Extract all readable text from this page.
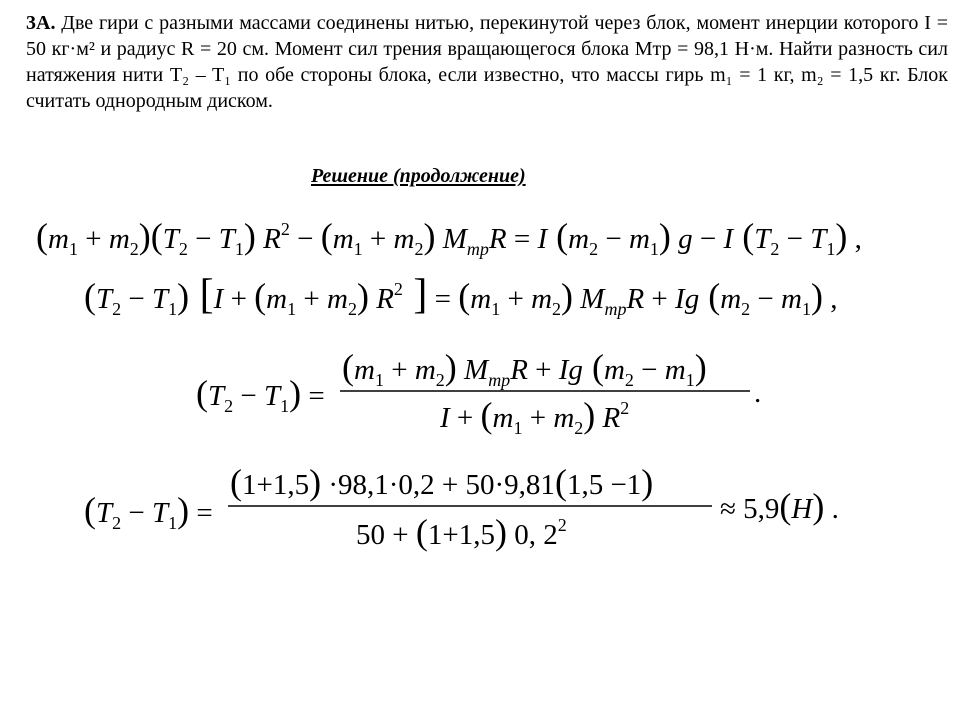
3А. Две гири с разными массами соединены нитью, перекинутой через блок, момент инерции которого I = 50 кг·м² и радиус R = 20 см. Момент сил трения вращающегося блока Mтр = 98,1 Н·м. Найти разность сил натяжения нити T₂ – T₁ по обе стороны блока, если известно, что массы гирь m₁ = 1 кг, m₂ = 1,5 кг. Блок считать однородным диском.

Решение (продолжение)

$(m_1 + m_2)(T_2 - T_1) R^2 - (m_1 + m_2) M_{тр}R = I$ $(m_2 - m_1) g - I$ $(T_2 - T_1)$ ,
$(T_2 - T_1) [I + (m_1 + m_2)$ $R^2$ ] = $(m_1 + m_2) M_{тр}R + Ig$ $(m_2 - m_1)$ ,
$(T_2 - T_1)$ =
$(m_1 + m_2) M_{тр}R + Ig$ $(m_2 - m_1)$
$I + (m_1 + m_2)$ $R^2$	.
$(T_2 - T_1)$ =
(1+1,5) ·98,1·0,2 + 50·9,81(1,5 −1)
50 + (1+1,5) 0, $2^2$	≈ 5,9(H) .
